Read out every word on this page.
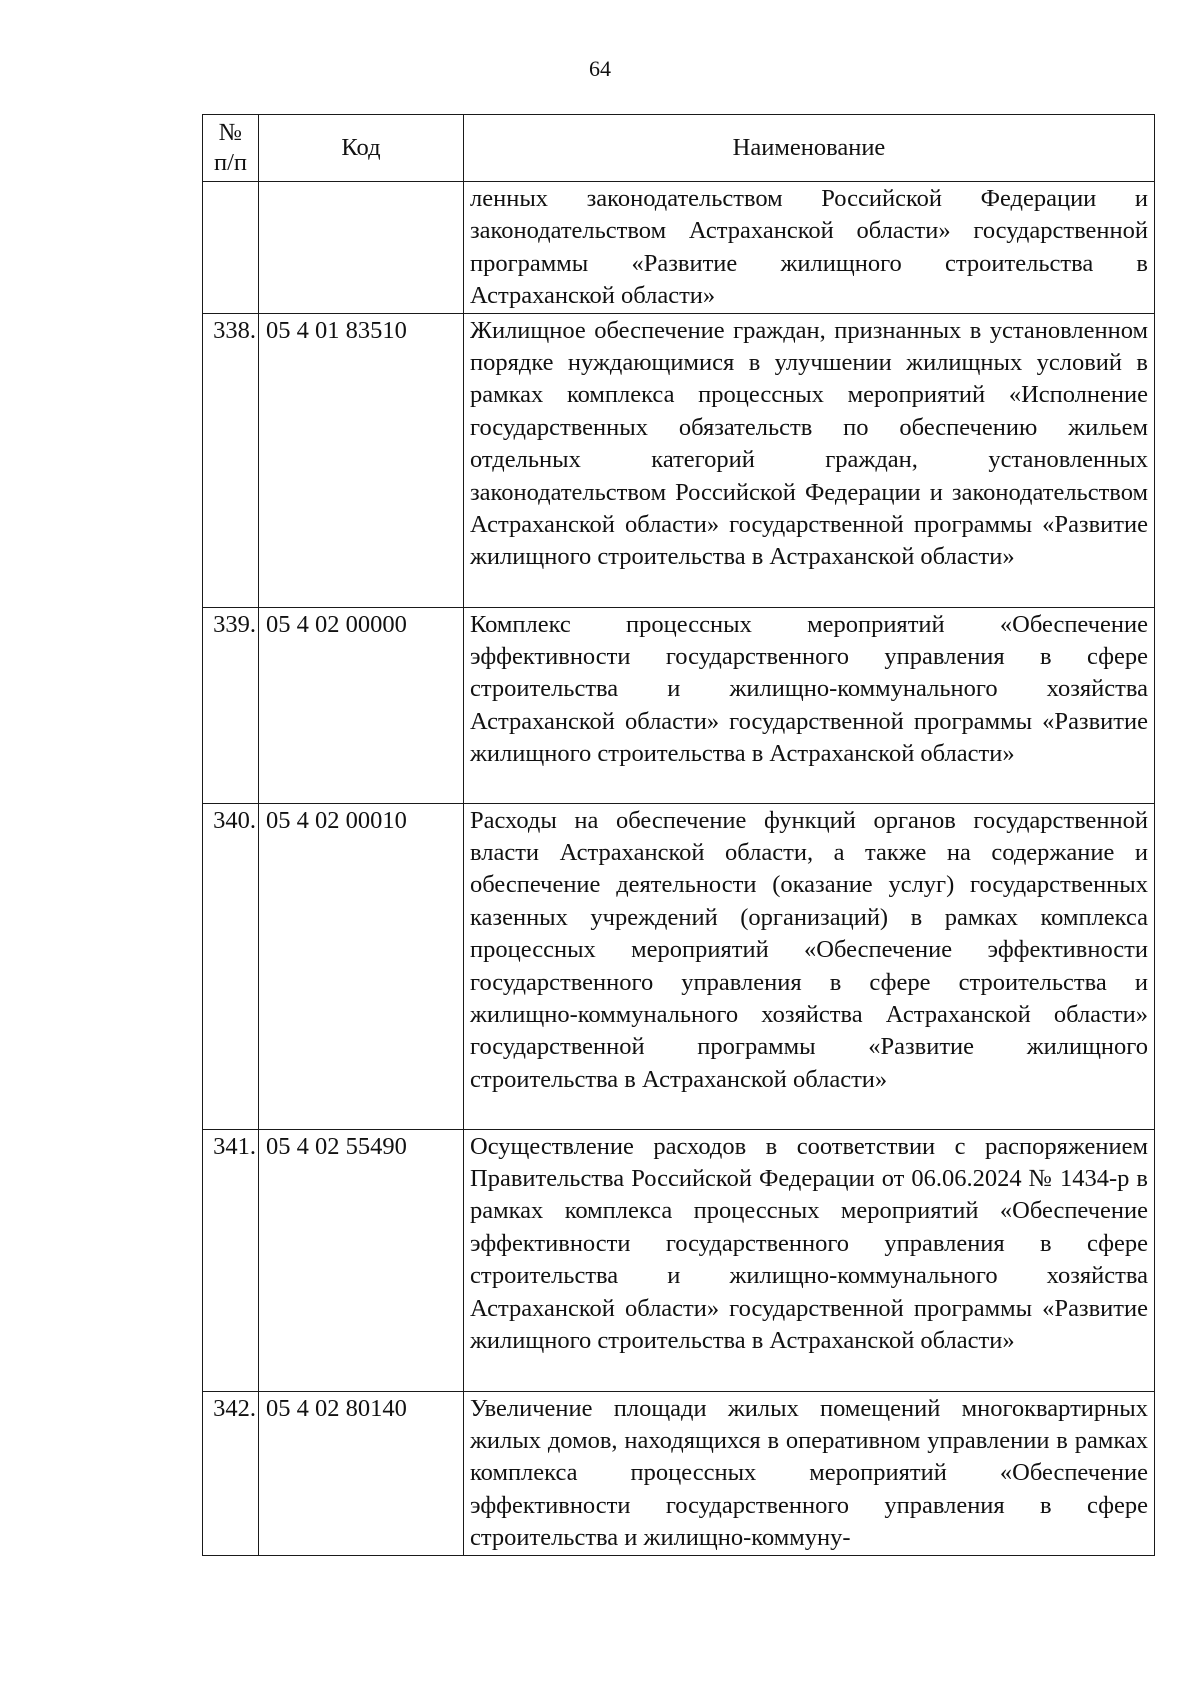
64
№
п/п	Код	Наименование
		ленных законодательством Российской Федерации и законодательством Астраханской области» государственной программы «Развитие жилищного строительства в Астраханской области»
338.	05 4 01 83510	Жилищное обеспечение граждан, признанных в установленном порядке нуждающимися в улучшении жилищных условий в рамках комплекса процессных мероприятий «Исполнение государственных обязательств по обеспечению жильем отдельных категорий граждан, установленных законодательством Российской Федерации и законодательством Астраханской области» государственной программы «Развитие жилищного строительства в Астраханской области»
339.	05 4 02 00000	Комплекс процессных мероприятий «Обеспечение эффективности государственного управления в сфере строительства и жилищно-коммунального хозяйства Астраханской области» государственной программы «Развитие жилищного строительства в Астраханской области»
340.	05 4 02 00010	Расходы на обеспечение функций органов государственной власти Астраханской области, а также на содержание и обеспечение деятельности (оказание услуг) государственных казенных учреждений (организаций) в рамках комплекса процессных мероприятий «Обеспечение эффективности государственного управления в сфере строительства и жилищно-коммунального хозяйства Астраханской области» государственной программы «Развитие жилищного строительства в Астраханской области»
341.	05 4 02 55490	Осуществление расходов в соответствии с распоряжением Правительства Российской Федерации от 06.06.2024 № 1434-р в рамках комплекса процессных мероприятий «Обеспечение эффективности государственного управления в сфере строительства и жилищно-коммунального хозяйства Астраханской области» государственной программы «Развитие жилищного строительства в Астраханской области»
342.	05 4 02 80140	Увеличение площади жилых помещений многоквартирных жилых домов, находящихся в оперативном управлении в рамках комплекса процессных мероприятий «Обеспечение эффективности государственного управления в сфере строительства и жилищно-коммуну-
